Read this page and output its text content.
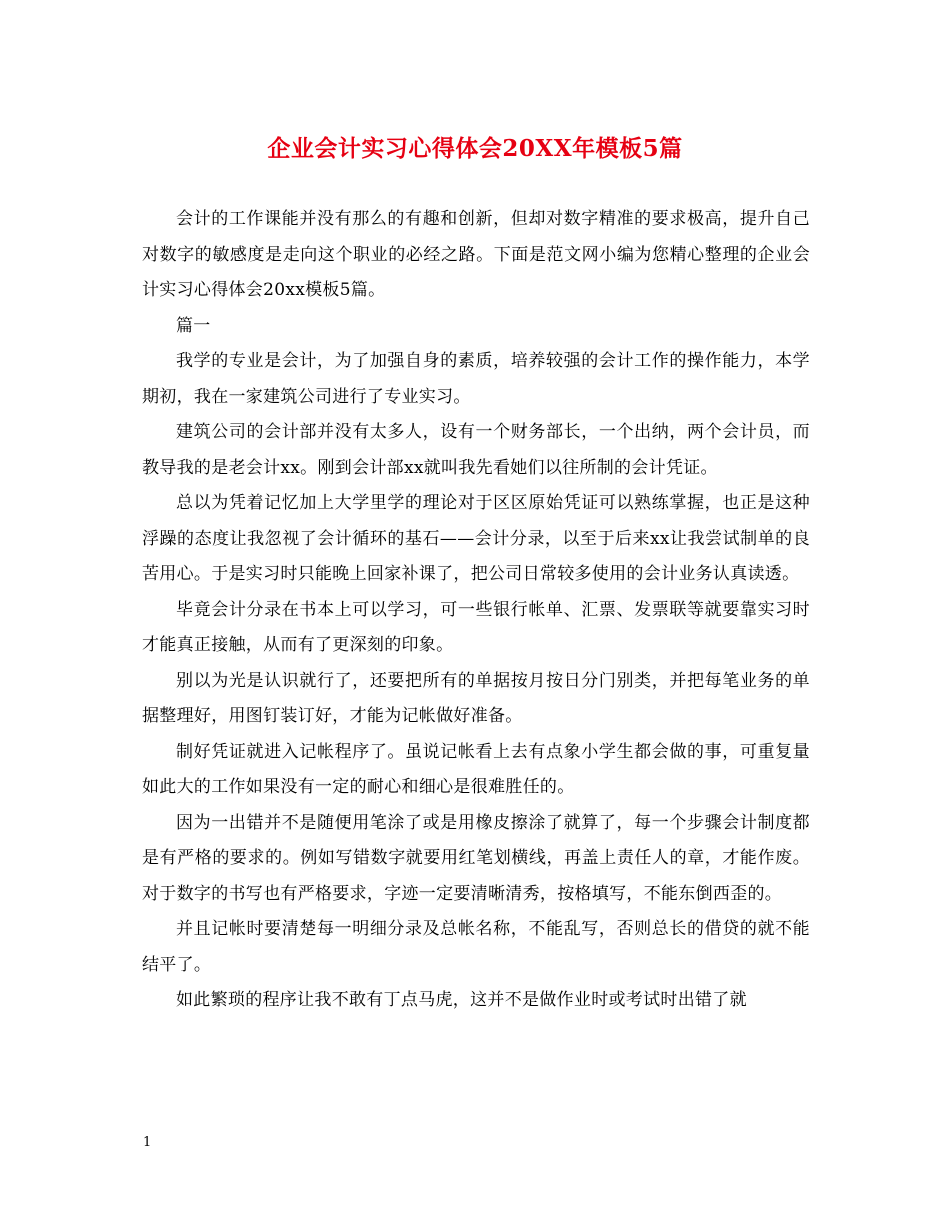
企业会计实习心得体会20XX年模板5篇

会计的工作课能并没有那么的有趣和创新，但却对数字精准的要求极高，提升自己对数字的敏感度是走向这个职业的必经之路。下面是范文网小编为您精心整理的企业会计实习心得体会20xx模板5篇。

篇一

我学的专业是会计，为了加强自身的素质，培养较强的会计工作的操作能力，本学期初，我在一家建筑公司进行了专业实习。

建筑公司的会计部并没有太多人，设有一个财务部长，一个出纳，两个会计员，而教导我的是老会计xx。刚到会计部xx就叫我先看她们以往所制的会计凭证。

总以为凭着记忆加上大学里学的理论对于区区原始凭证可以熟练掌握，也正是这种浮躁的态度让我忽视了会计循环的基石——会计分录，以至于后来xx让我尝试制单的良苦用心。于是实习时只能晚上回家补课了，把公司日常较多使用的会计业务认真读透。

毕竟会计分录在书本上可以学习，可一些银行帐单、汇票、发票联等就要靠实习时才能真正接触，从而有了更深刻的印象。

别以为光是认识就行了，还要把所有的单据按月按日分门别类，并把每笔业务的单据整理好，用图钉装订好，才能为记帐做好准备。

制好凭证就进入记帐程序了。虽说记帐看上去有点象小学生都会做的事，可重复量如此大的工作如果没有一定的耐心和细心是很难胜任的。

因为一出错并不是随便用笔涂了或是用橡皮擦涂了就算了，每一个步骤会计制度都是有严格的要求的。例如写错数字就要用红笔划横线，再盖上责任人的章，才能作废。对于数字的书写也有严格要求，字迹一定要清晰清秀，按格填写，不能东倒西歪的。

并且记帐时要清楚每一明细分录及总帐名称，不能乱写，否则总长的借贷的就不能结平了。

如此繁琐的程序让我不敢有丁点马虎，这并不是做作业时或考试时出错了就

1
